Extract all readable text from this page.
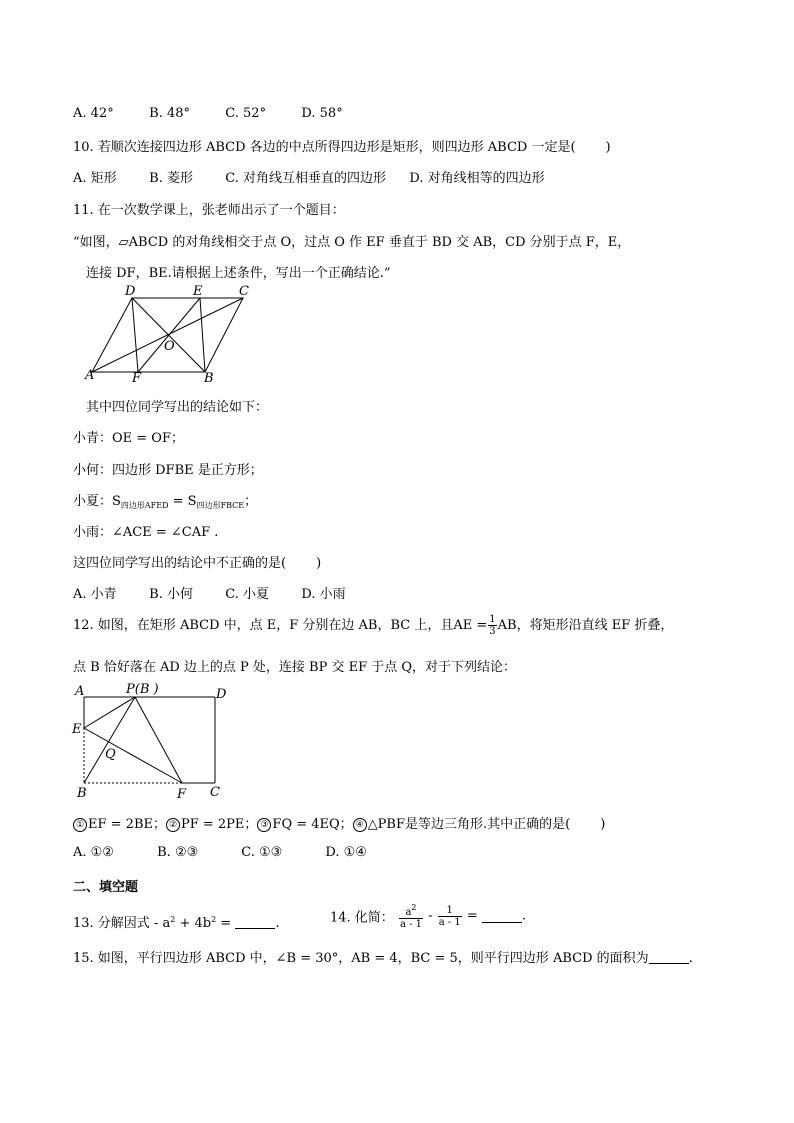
A. 42°	B. 48°	C. 52°	D. 58°
10. 若顺次连接四边形 ABCD 各边的中点所得四边形是矩形，则四边形 ABCD 一定是( )
A. 矩形 B. 菱形 C. 对角线互相垂直的四边形 D. 对角线相等的四边形
11. 在一次数学课上，张老师出示了一个题目：
“如图，▱ABCD 的对角线相交于点 O，过点 O 作 EF 垂直于 BD 交 AB，CD 分别于点 F，E，
连接 DF，BE.请根据上述条件，写出一个正确结论.”
D	E	C
O
A	F	B
其中四位同学写出的结论如下：
小青：OE = OF；
小何：四边形 DFBE 是正方形；
小夏：$S_{四边形AFED} = S_{四边形FBCE}$；
小雨：∠ACE = ∠CAF .
这四位同学写出的结论中不正确的是( )
A. 小青 B. 小何 C. 小夏 D. 小雨
12. 如图，在矩形 ABCD 中，点 E，F 分别在边 AB，BC 上，且AE = $\frac{1}{3}$ AB，将矩形沿直线 EF 折叠，
点 B 恰好落在 AD 边上的点 P 处，连接 BP 交 EF 于点 Q，对于下列结论：
A	P(B )	D
E
Q
B	F C
① EF = 2BE； ② PF = 2PE； ③ FQ = 4EQ； ④ △PBF是等边三角形.其中正确的是( )
A. ①②	B. ②③	C. ①③	D. ①④
二、填空题
13. 分解因式 - $a^2 + 4b^2$ =	.	14. 化简： $\frac{a^2}{a - 1} - \frac{1}{a - 1}$ =	.
15. 如图，平行四边形 ABCD 中，∠B = 30°，AB = 4，BC = 5，则平行四边形 ABCD 的面积为	.
